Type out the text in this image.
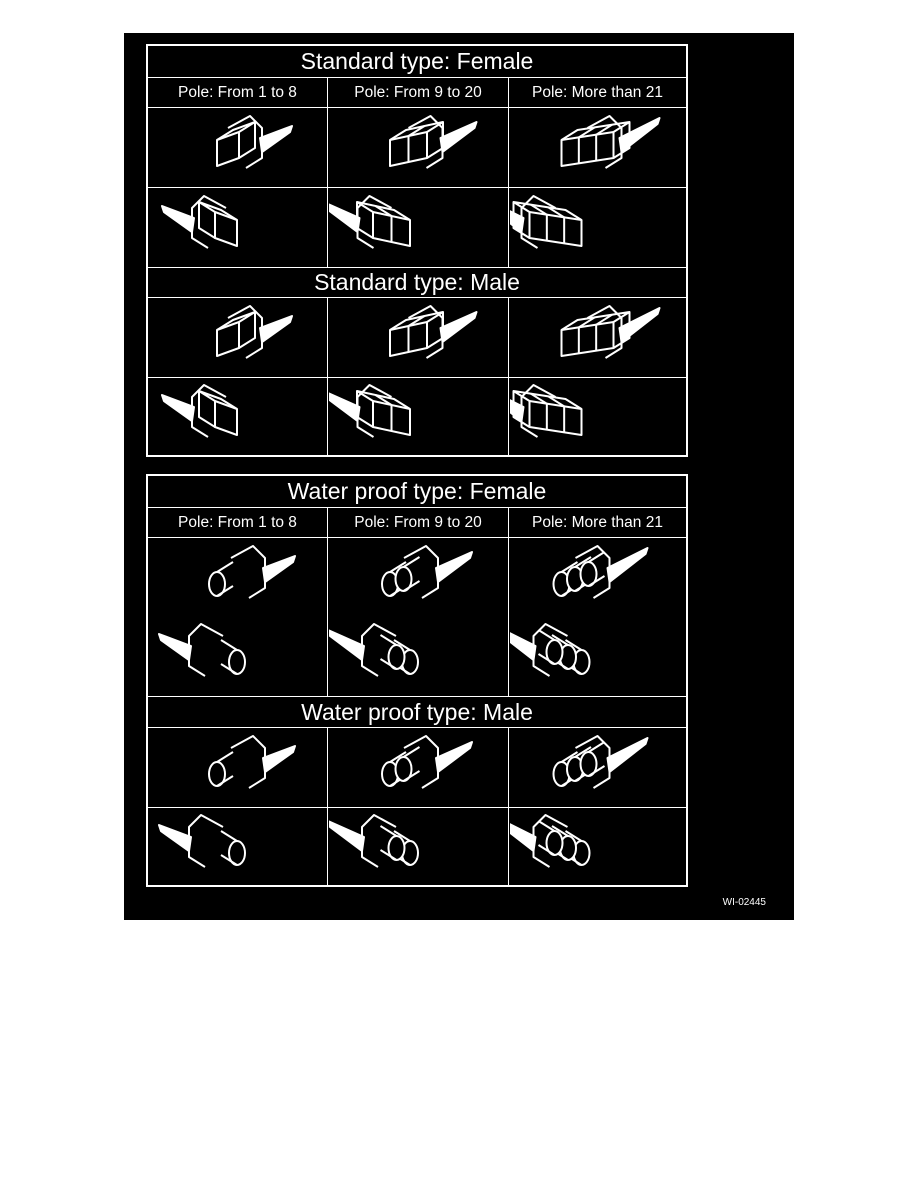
Standard type: Female
Pole: From 1 to 8	Pole: From 9 to 20	Pole: More than 21
Standard type: Male
Water proof type: Female
Pole: From 1 to 8	Pole: From 9 to 20	Pole: More than 21
Water proof type: Male
WI-02445
